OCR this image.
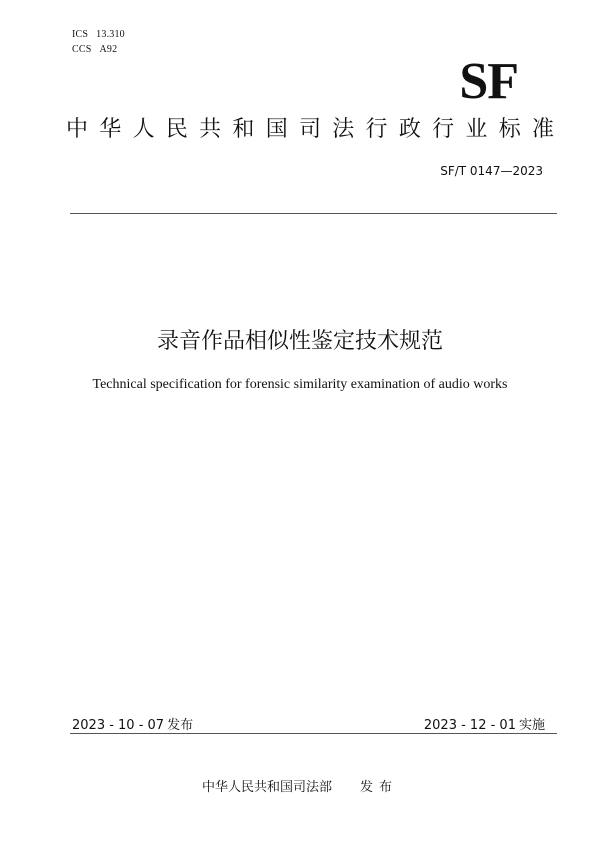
ICS 13.310
CCS A92
SF
中华人民共和国司法行政行业标准
SF/T 0147—2023
录音作品相似性鉴定技术规范
Technical specification for forensic similarity examination of audio works
2023 - 10 - 07 发布	2023 - 12 - 01 实施
中华人民共和国司法部 发布
